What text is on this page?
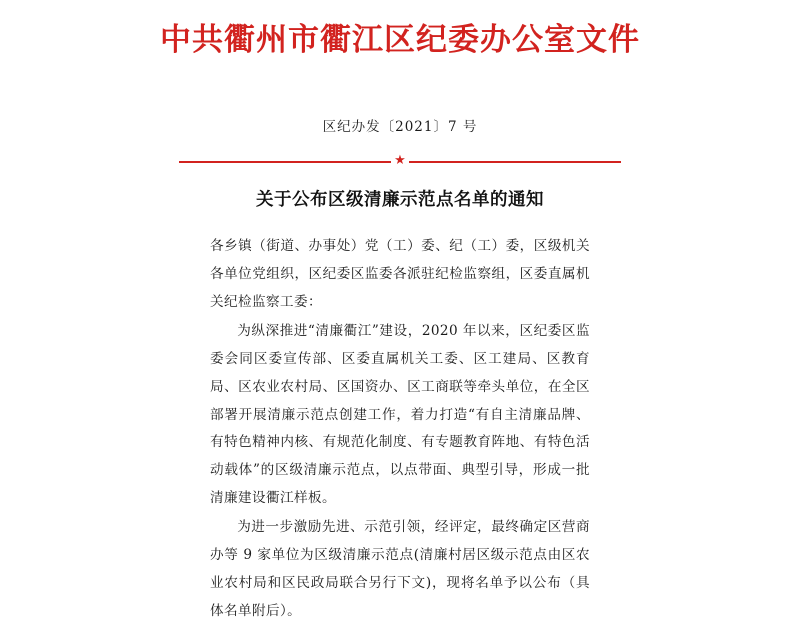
中共衢州市衢江区纪委办公室文件
区纪办发〔2021〕7 号
★
关于公布区级清廉示范点名单的通知

各乡镇（街道、办事处）党（工）委、纪（工）委，区级机关各单位党组织，区纪委区监委各派驻纪检监察组，区委直属机关纪检监察工委：

为纵深推进“清廉衢江”建设，2020 年以来，区纪委区监委会同区委宣传部、区委直属机关工委、区工建局、区教育局、区农业农村局、区国资办、区工商联等牵头单位，在全区部署开展清廉示范点创建工作，着力打造“有自主清廉品牌、有特色精神内核、有规范化制度、有专题教育阵地、有特色活动载体”的区级清廉示范点，以点带面、典型引导，形成一批清廉建设衢江样板。

为进一步激励先进、示范引领，经评定，最终确定区营商办等 9 家单位为区级清廉示范点(清廉村居区级示范点由区农业农村局和区民政局联合另行下文)，现将名单予以公布（具体名单附后）。
